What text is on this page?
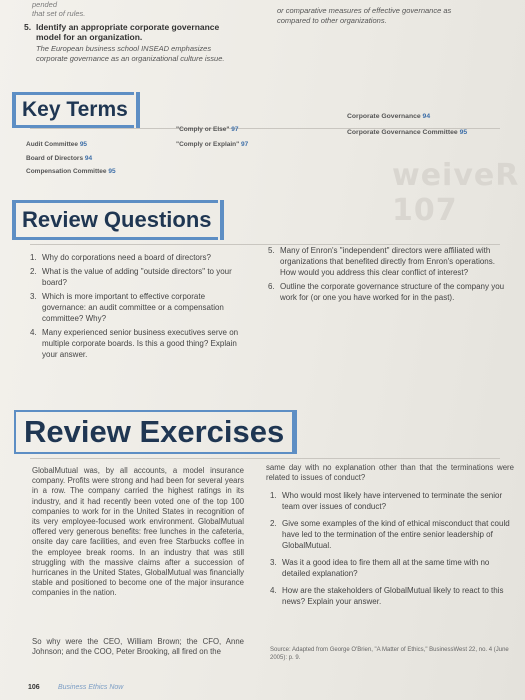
pended
that set of rules.
5. Identify an appropriate corporate governance
model for an organization.
The European business school INSEAD emphasizes
corporate governance as an organizational culture issue.
or comparative measures of effective governance as
compared to other organizations.
Key Terms
Audit Committee 95
Board of Directors 94
Compensation Committee 95
"Comply or Else" 97
"Comply or Explain" 97
Corporate Governance 94
Corporate Governance Committee 95
weiveR 107
Review Questions
1. Why do corporations need a board of directors?
2. What is the value of adding "outside directors" to your board?
3. Which is more important to effective corporate governance: an audit committee or a compensation committee? Why?
4. Many experienced senior business executives serve on multiple corporate boards. Is this a good thing? Explain your answer.
5. Many of Enron's "independent" directors were affiliated with organizations that benefited directly from Enron's operations. How would you address this clear conflict of interest?
6. Outline the corporate governance structure of the company you work for (or one you have worked for in the past).
Review Exercises
GlobalMutual was, by all accounts, a model insurance company. Profits were strong and had been for several years in a row. The company carried the highest ratings in its industry, and it had recently been voted one of the top 100 companies to work for in the United States in recognition of its very employee-focused work environment. GlobalMutual offered very generous benefits: free lunches in the cafeteria, onsite day care facilities, and even free Starbucks coffee in the employee break rooms. In an industry that was still struggling with the massive claims after a succession of hurricanes in the United States, GlobalMutual was financially stable and positioned to become one of the major insurance companies in the nation.
So why were the CEO, William Brown; the CFO, Anne Johnson; and the COO, Peter Brooking, all fired on the
same day with no explanation other than that the terminations were related to issues of conduct?
1. Who would most likely have intervened to terminate the senior team over issues of conduct?
2. Give some examples of the kind of ethical misconduct that could have led to the termination of the entire senior leadership of GlobalMutual.
3. Was it a good idea to fire them all at the same time with no detailed explanation?
4. How are the stakeholders of GlobalMutual likely to react to this news? Explain your answer.
Source: Adapted from George O'Brien, "A Matter of Ethics," BusinessWest 22, no. 4 (June 2005): p. 9.
106	Business Ethics Now
